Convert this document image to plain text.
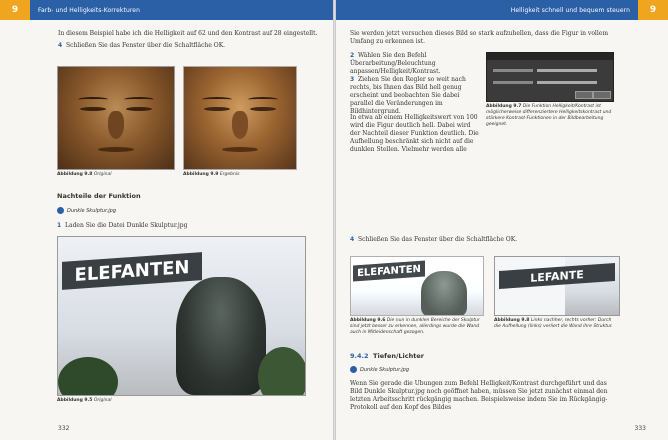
9	Farb- und Helligkeits-Korrekturen
In diesem Beispiel habe ich die Helligkeit auf 62 und den Kontrast auf 28 eingestellt.
4 Schließen Sie das Fenster über die Schaltfläche OK.
Abbildung 9.8 Original	Abbildung 9.9 Ergebnis
Nachteile der Funktion
Dunkle Skulptur.jpg
1 Laden Sie die Datei Dunkle Skulptur.jpg
ELEFANTEN
Abbildung 9.5 Original
332
Helligkeit schnell und bequem steuern	9
Sie werden jetzt versuchen dieses Bild so stark aufzuhellen, dass die Figur in vollem Umfang zu erkennen ist.
2 Wählen Sie den Befehl Überarbeitung/Beleuchtung anpassen/Helligkeit/Kontrast.
3 Ziehen Sie den Regler so weit nach rechts, bis Ihnen das Bild hell genug erscheint und beobachten Sie dabei parallel die Veränderungen im Bildhintergrund.
Abbildung 9.7 Die Funktion Helligkeit/Kontrast ist möglicherweise differenziertere Helligkeitskontrast und stärkere Kontrast-Funktionen in der Bildbearbeitung geeignet.
In etwa ab einem Helligkeitswert von 100 wird die Figur deutlich hell. Dabei wird der Nachteil dieser Funktion deutlich. Die Aufhellung beschränkt sich nicht auf die dunklen Stellen. Vielmehr werden alle
4 Schließen Sie das Fenster über die Schaltfläche OK.
ELEFANTEN
Abbildung 9.6 Die nun in dunklen Bereiche der Skulptur sind jetzt besser zu erkennen, allerdings wurde die Wand auch in Mitleidenschaft gezogen.
LEFANTE
Abbildung 9.8 Links nachher, rechts vorher: Durch die Aufhellung (links) verliert die Wand ihre Struktur.
9.4.2 Tiefen/Lichter
Dunkle Skulptur.jpg
Wenn Sie gerade die Übungen zum Befehl Helligkeit/Kontrast durchgeführt und das Bild Dunkle Skulptur.jpg noch geöffnet haben, müssen Sie jetzt zunächst einmal den letzten Arbeitsschritt rückgängig machen. Beispielsweise indem Sie im Rückgängig-Protokoll auf den Kopf des Bildes
333
